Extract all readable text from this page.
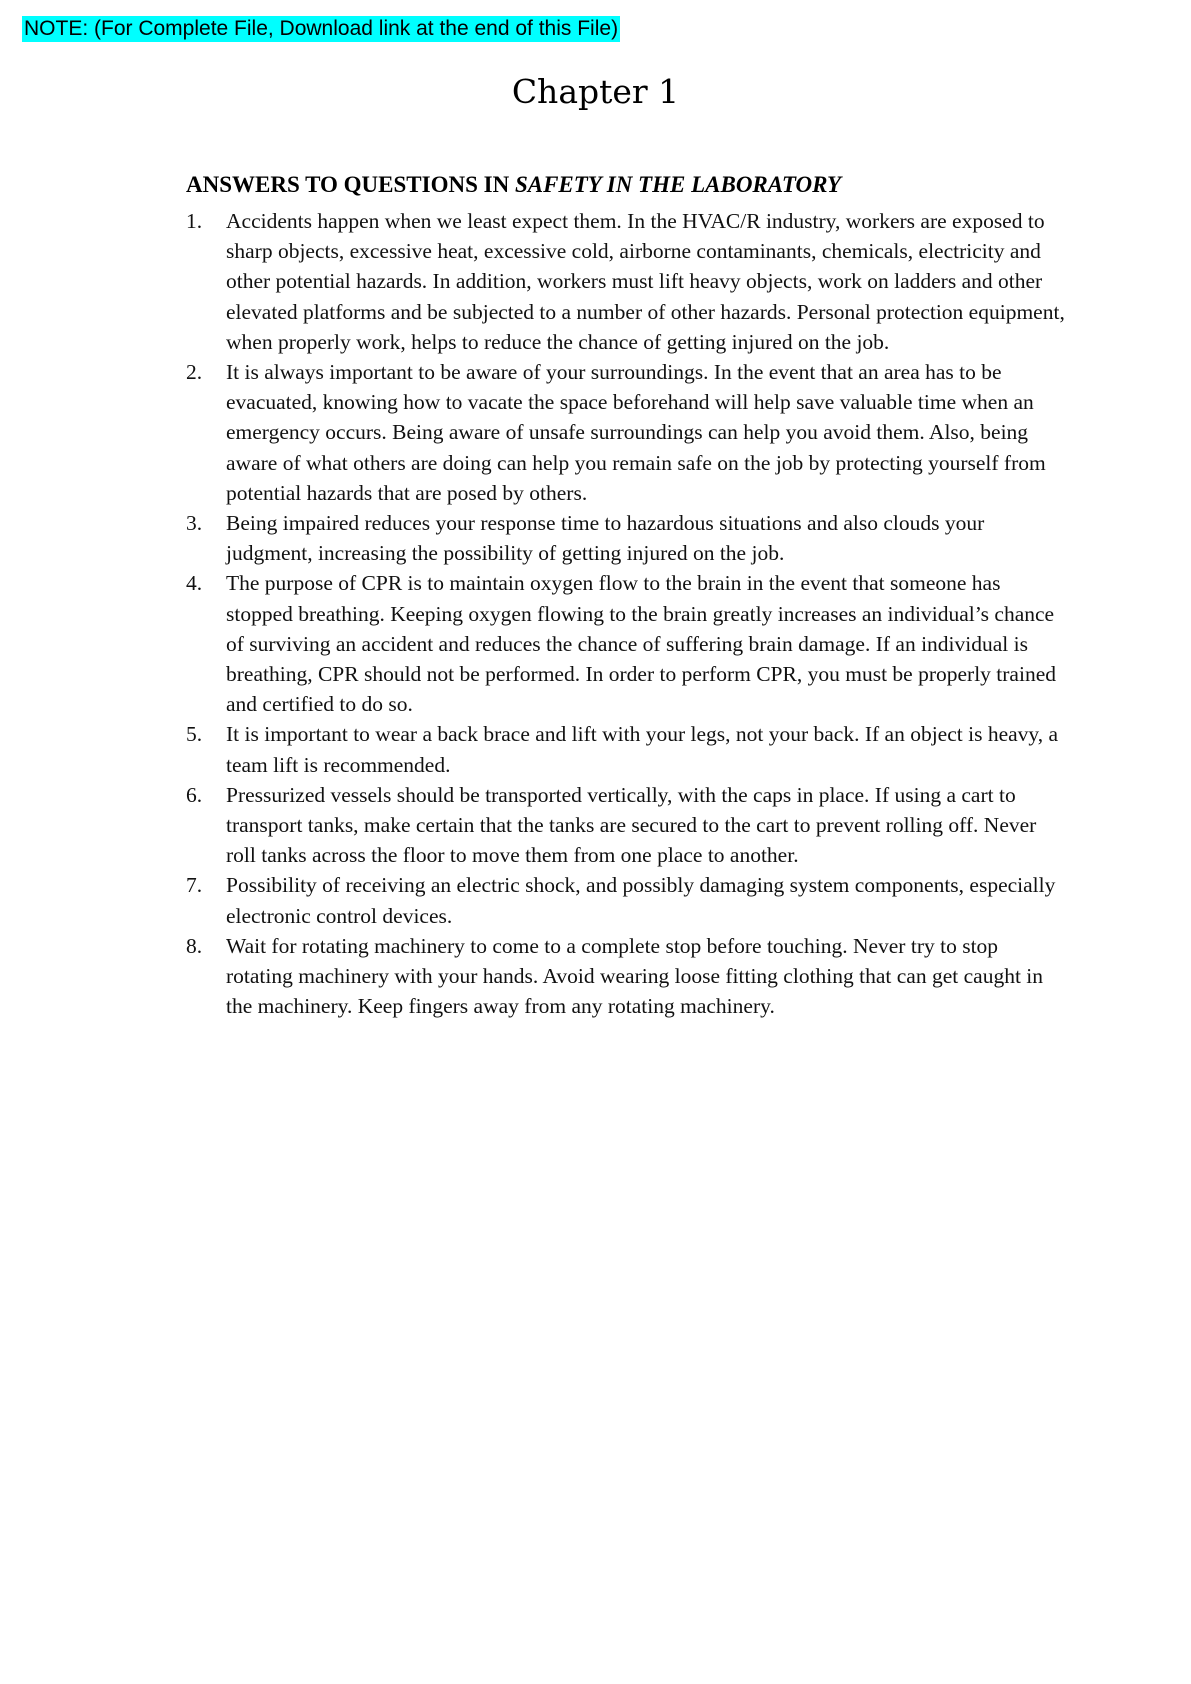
NOTE: (For Complete File, Download link at the end of this File)
Chapter 1
ANSWERS TO QUESTIONS IN SAFETY IN THE LABORATORY
1.	Accidents happen when we least expect them. In the HVAC/R industry, workers are exposed to sharp objects, excessive heat, excessive cold, airborne contaminants, chemicals, electricity and other potential hazards. In addition, workers must lift heavy objects, work on ladders and other elevated platforms and be subjected to a number of other hazards. Personal protection equipment, when properly work, helps to reduce the chance of getting injured on the job.
2.	It is always important to be aware of your surroundings. In the event that an area has to be evacuated, knowing how to vacate the space beforehand will help save valuable time when an emergency occurs. Being aware of unsafe surroundings can help you avoid them. Also, being aware of what others are doing can help you remain safe on the job by protecting yourself from potential hazards that are posed by others.
3.	Being impaired reduces your response time to hazardous situations and also clouds your judgment, increasing the possibility of getting injured on the job.
4.	The purpose of CPR is to maintain oxygen flow to the brain in the event that someone has stopped breathing. Keeping oxygen flowing to the brain greatly increases an individual’s chance of surviving an accident and reduces the chance of suffering brain damage. If an individual is breathing, CPR should not be performed. In order to perform CPR, you must be properly trained and certified to do so.
5.	It is important to wear a back brace and lift with your legs, not your back. If an object is heavy, a team lift is recommended.
6.	Pressurized vessels should be transported vertically, with the caps in place. If using a cart to transport tanks, make certain that the tanks are secured to the cart to prevent rolling off. Never roll tanks across the floor to move them from one place to another.
7.	Possibility of receiving an electric shock, and possibly damaging system components, especially electronic control devices.
8.	Wait for rotating machinery to come to a complete stop before touching. Never try to stop rotating machinery with your hands. Avoid wearing loose fitting clothing that can get caught in the machinery. Keep fingers away from any rotating machinery.
